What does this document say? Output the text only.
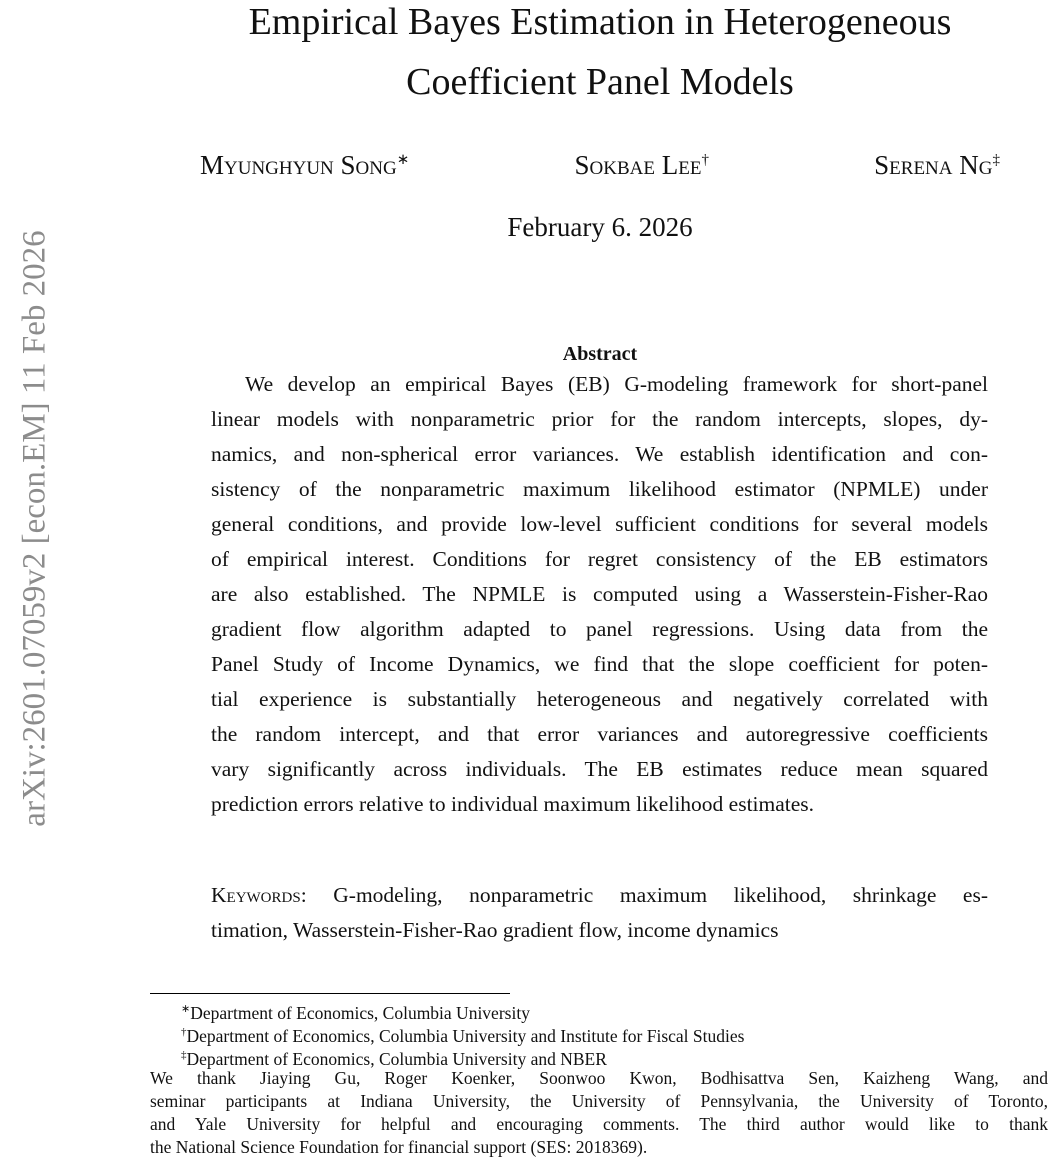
arXiv:2601.07059v2 [econ.EM] 11 Feb 2026
Empirical Bayes Estimation in Heterogeneous
Coefficient Panel Models
Myunghyun Song∗	Sokbae Lee†	Serena Ng‡
February 6. 2026
Abstract
We develop an empirical Bayes (EB) G-modeling framework for short-panel
linear models with nonparametric prior for the random intercepts, slopes, dy-
namics, and non-spherical error variances. We establish identification and con-
sistency of the nonparametric maximum likelihood estimator (NPMLE) under
general conditions, and provide low-level sufficient conditions for several models
of empirical interest. Conditions for regret consistency of the EB estimators
are also established. The NPMLE is computed using a Wasserstein-Fisher-Rao
gradient flow algorithm adapted to panel regressions. Using data from the
Panel Study of Income Dynamics, we find that the slope coefficient for poten-
tial experience is substantially heterogeneous and negatively correlated with
the random intercept, and that error variances and autoregressive coefficients
vary significantly across individuals. The EB estimates reduce mean squared
prediction errors relative to individual maximum likelihood estimates.
Keywords: G-modeling, nonparametric maximum likelihood, shrinkage es-
timation, Wasserstein-Fisher-Rao gradient flow, income dynamics
∗Department of Economics, Columbia University
†Department of Economics, Columbia University and Institute for Fiscal Studies
‡Department of Economics, Columbia University and NBER
We thank Jiaying Gu, Roger Koenker, Soonwoo Kwon, Bodhisattva Sen, Kaizheng Wang, and
seminar participants at Indiana University, the University of Pennsylvania, the University of Toronto,
and Yale University for helpful and encouraging comments. The third author would like to thank
the National Science Foundation for financial support (SES: 2018369).
